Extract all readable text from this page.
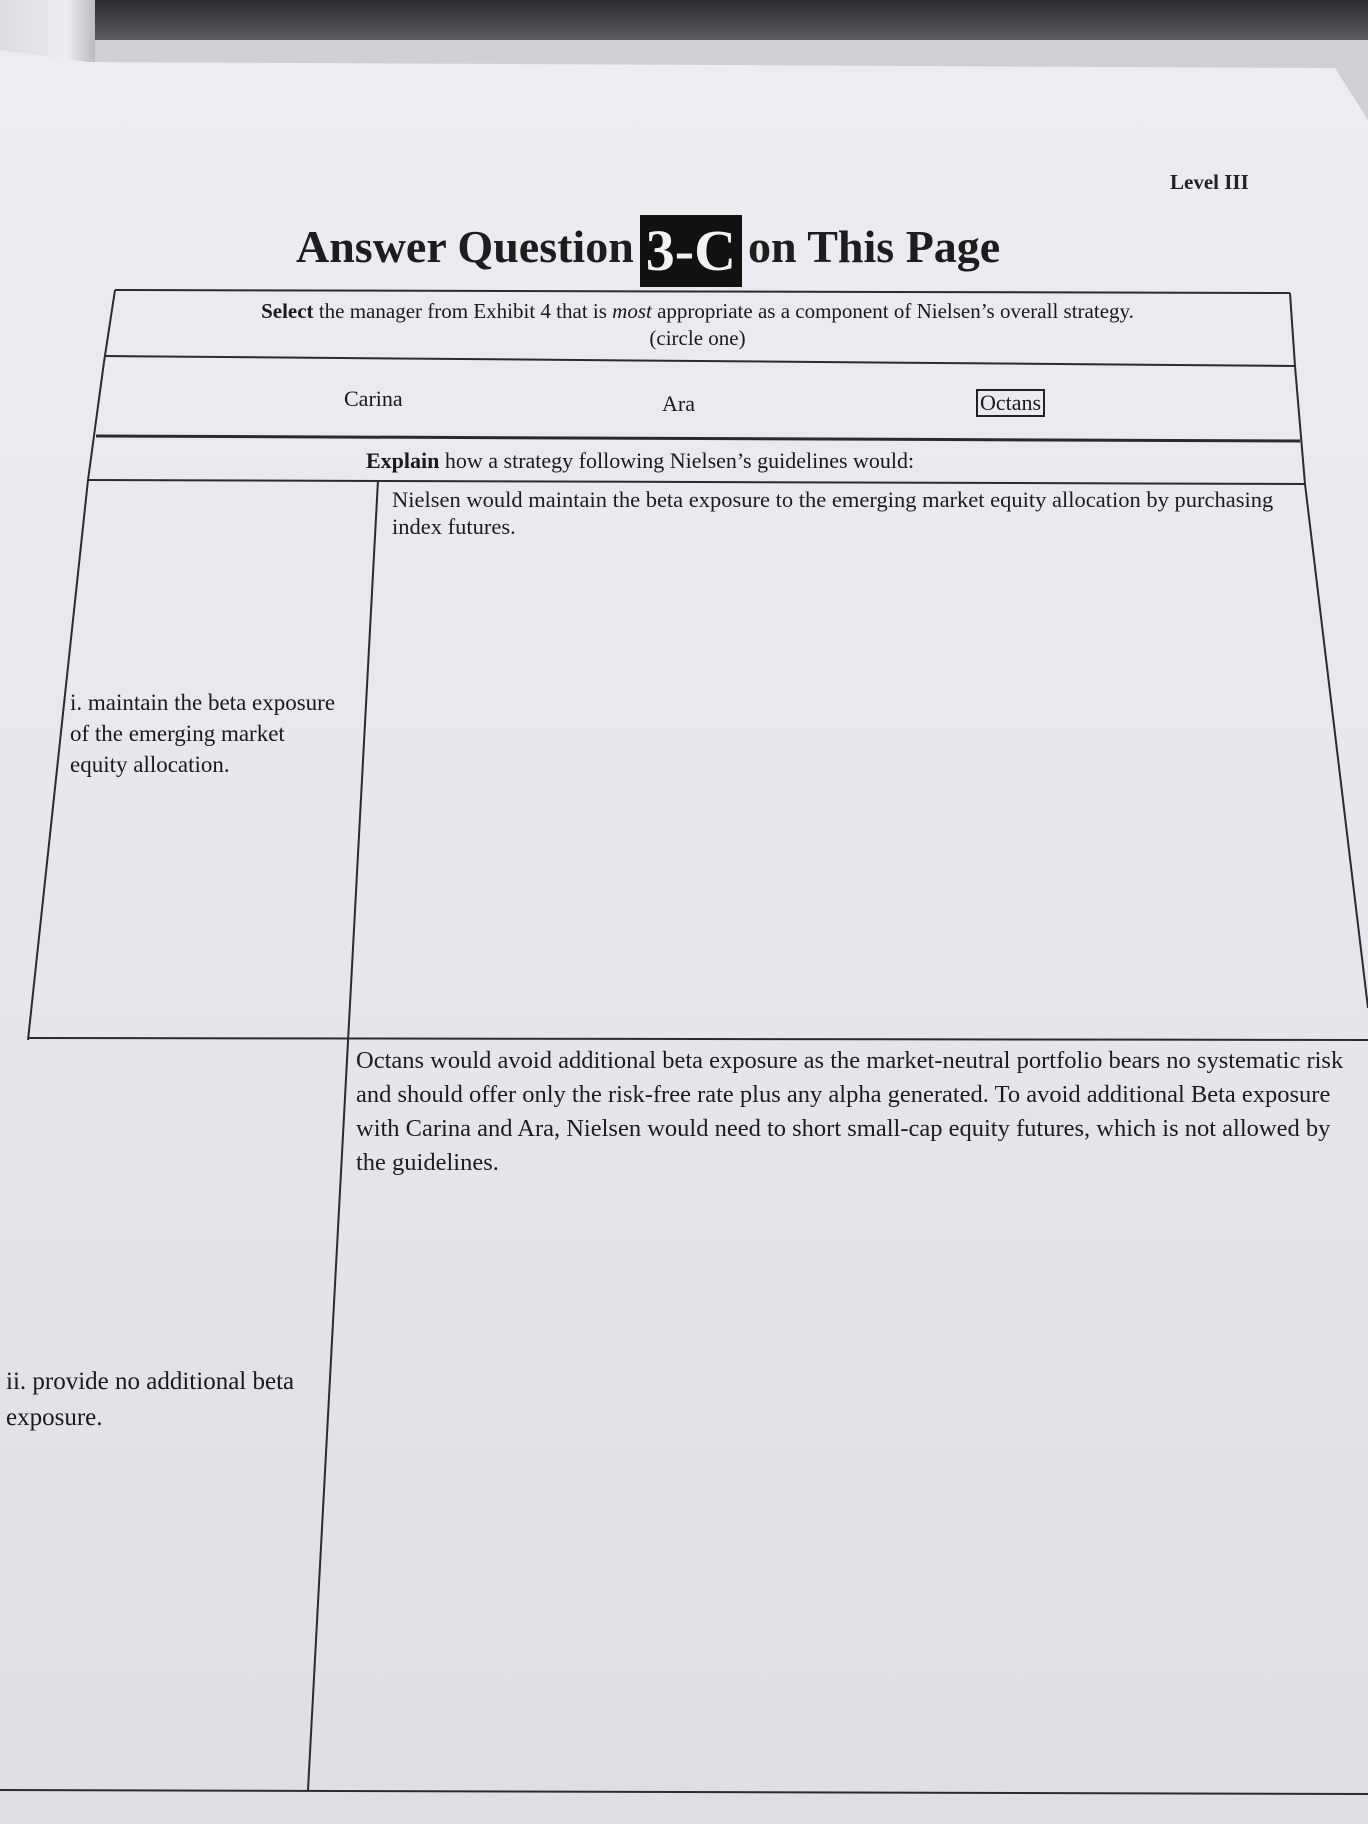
Level III
Answer Question 3-C on This Page
Select the manager from Exhibit 4 that is most appropriate as a component of Nielsen’s overall strategy.
(circle one)
Carina	Ara	Octans
Explain how a strategy following Nielsen’s guidelines would:
Nielsen would maintain the beta exposure to the emerging market equity allocation by purchasing index futures.
i. maintain the beta exposure of the emerging market equity allocation.
Octans would avoid additional beta exposure as the market-neutral portfolio bears no systematic risk and should offer only the risk-free rate plus any alpha generated. To avoid additional Beta exposure with Carina and Ara, Nielsen would need to short small-cap equity futures, which is not allowed by the guidelines.
ii. provide no additional beta exposure.
